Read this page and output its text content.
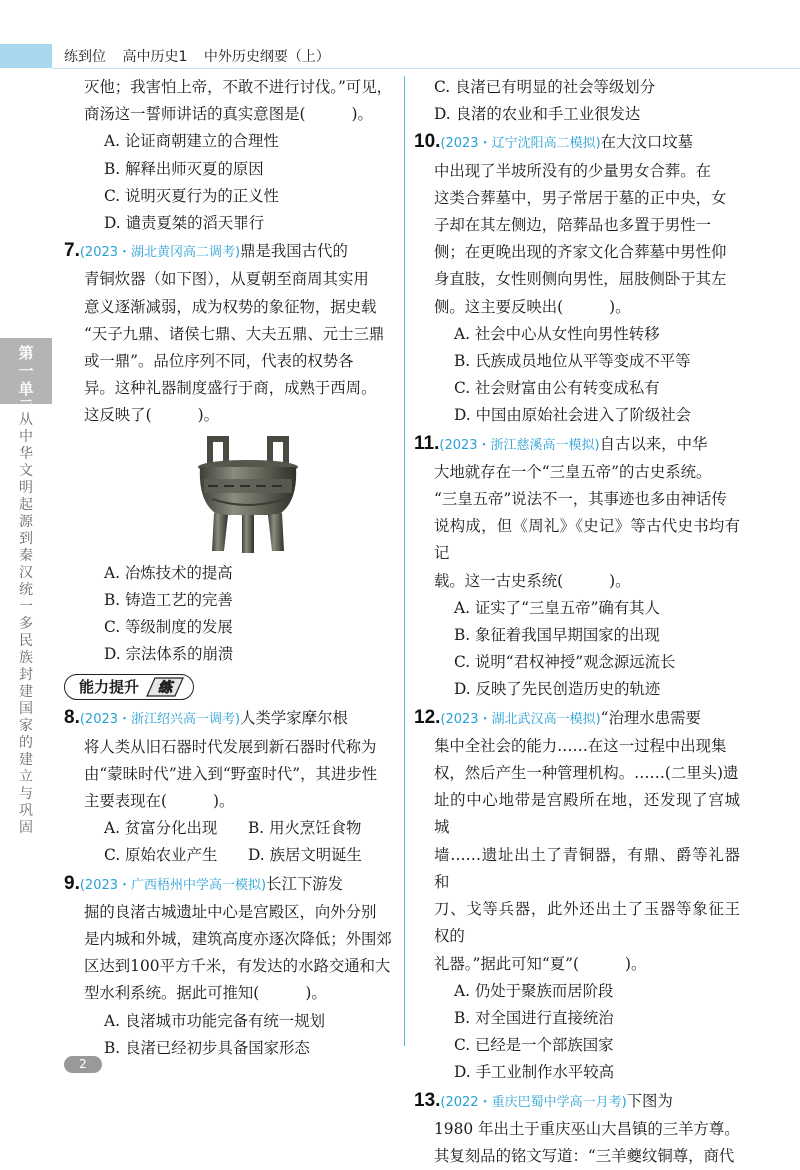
练到位 高中历史1 中外历史纲要（上）
第一单元
从中华文明起源到秦汉统一多民族封建国家的建立与巩固
灭他；我害怕上帝，不敢不进行讨伐。”可见，
商汤这一誓师讲话的真实意图是(	)。
A. 论证商朝建立的合理性
B. 解释出师灭夏的原因
C. 说明灭夏行为的正义性
D. 谴责夏桀的滔天罪行
7.(2023・湖北黄冈高二调考)鼎是我国古代的
青铜炊器（如下图），从夏朝至商周其实用
意义逐渐减弱，成为权势的象征物，据史载
“天子九鼎、诸侯七鼎、大夫五鼎、元士三鼎
或一鼎”。品位序列不同，代表的权势各
异。这种礼器制度盛行于商，成熟于西周。
这反映了(	)。
A. 冶炼技术的提高
B. 铸造工艺的完善
C. 等级制度的发展
D. 宗法体系的崩溃
能力提升 练
8.(2023・浙江绍兴高一调考)人类学家摩尔根
将人类从旧石器时代发展到新石器时代称为
由“蒙昧时代”进入到“野蛮时代”，其进步性
主要表现在(	)。
A. 贫富分化出现	B. 用火烹饪食物
C. 原始农业产生	D. 族居文明诞生
9.(2023・广西梧州中学高一模拟)长江下游发
掘的良渚古城遗址中心是宫殿区，向外分别
是内城和外城，建筑高度亦逐次降低；外围郊
区达到100平方千米，有发达的水路交通和大
型水利系统。据此可推知(	)。
A. 良渚城市功能完备有统一规划
B. 良渚已经初步具备国家形态
C. 良渚已有明显的社会等级划分
D. 良渚的农业和手工业很发达
10.(2023・辽宁沈阳高二模拟)在大汶口坟墓
中出现了半坡所没有的少量男女合葬。在
这类合葬墓中，男子常居于墓的正中央，女
子却在其左侧边，陪葬品也多置于男性一
侧；在更晚出现的齐家文化合葬墓中男性仰
身直肢，女性则侧向男性，屈肢侧卧于其左
侧。这主要反映出(	)。
A. 社会中心从女性向男性转移
B. 氏族成员地位从平等变成不平等
C. 社会财富由公有转变成私有
D. 中国由原始社会进入了阶级社会
11.(2023・浙江慈溪高一模拟)自古以来，中华
大地就存在一个“三皇五帝”的古史系统。
“三皇五帝”说法不一，其事迹也多由神话传
说构成，但《周礼》《史记》等古代史书均有记
载。这一古史系统(	)。
A. 证实了“三皇五帝”确有其人
B. 象征着我国早期国家的出现
C. 说明“君权神授”观念源远流长
D. 反映了先民创造历史的轨迹
12.(2023・湖北武汉高一模拟)“治理水患需要
集中全社会的能力……在这一过程中出现集
权，然后产生一种管理机构。……(二里头)遗
址的中心地带是宫殿所在地，还发现了宫城城
墙……遗址出土了青铜器，有鼎、爵等礼器和
刀、戈等兵器，此外还出土了玉器等象征王权的
礼器。”据此可知“夏”(	)。
A. 仍处于聚族而居阶段
B. 对全国进行直接统治
C. 已经是一个部族国家
D. 手工业制作水平较高
13.(2022・重庆巴蜀中学高一月考)下图为
1980 年出土于重庆巫山大昌镇的三羊方尊。
其复刻品的铭文写道：“三羊夔纹铜尊，商代
2
